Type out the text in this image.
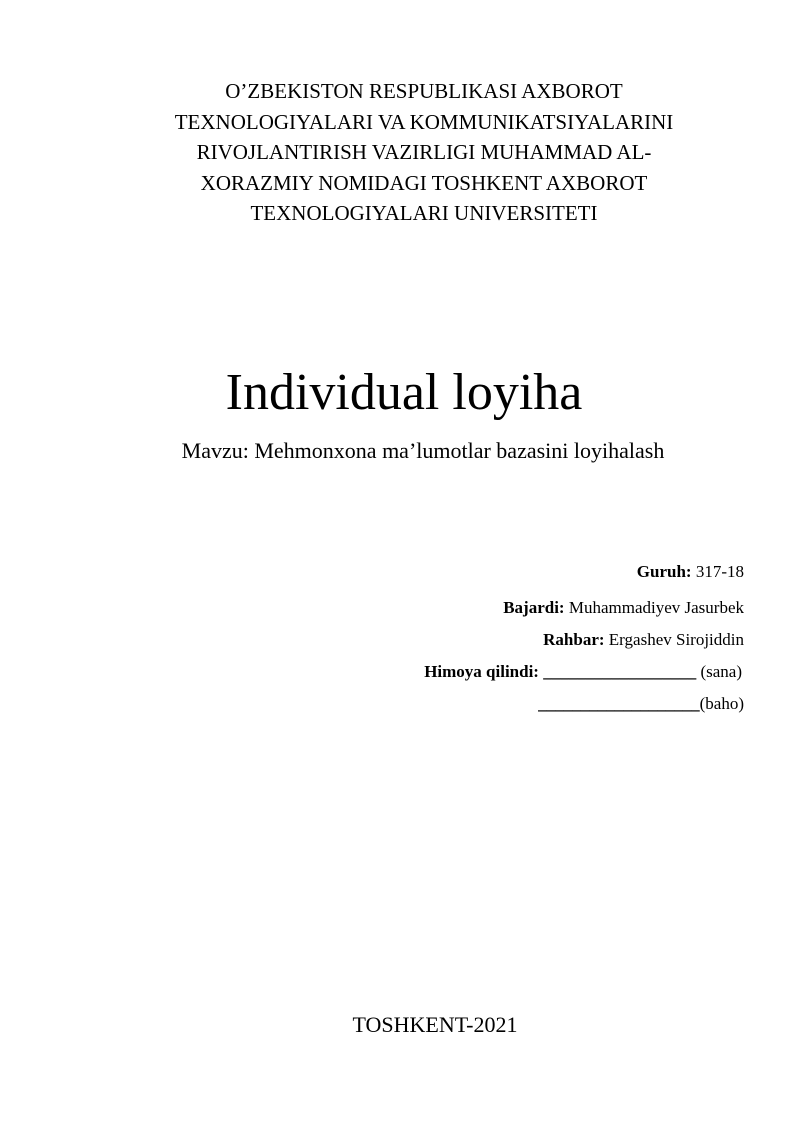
O’ZBEKISTON RESPUBLIKASI AXBOROT
TEXNOLOGIYALARI VA KOMMUNIKATSIYALARINI
RIVOJLANTIRISH VAZIRLIGI MUHAMMAD AL-
XORAZMIY NOMIDAGI TOSHKENT AXBOROT
TEXNOLOGIYALARI UNIVERSITETI
Individual loyiha
Mavzu: Mehmonxona ma’lumotlar bazasini loyihalash
Guruh: 317-18
Bajardi: Muhammadiyev Jasurbek
Rahbar: Ergashev Sirojiddin
Himoya qilindi: __________________ (sana)
___________________(baho)
TOSHKENT-2021
